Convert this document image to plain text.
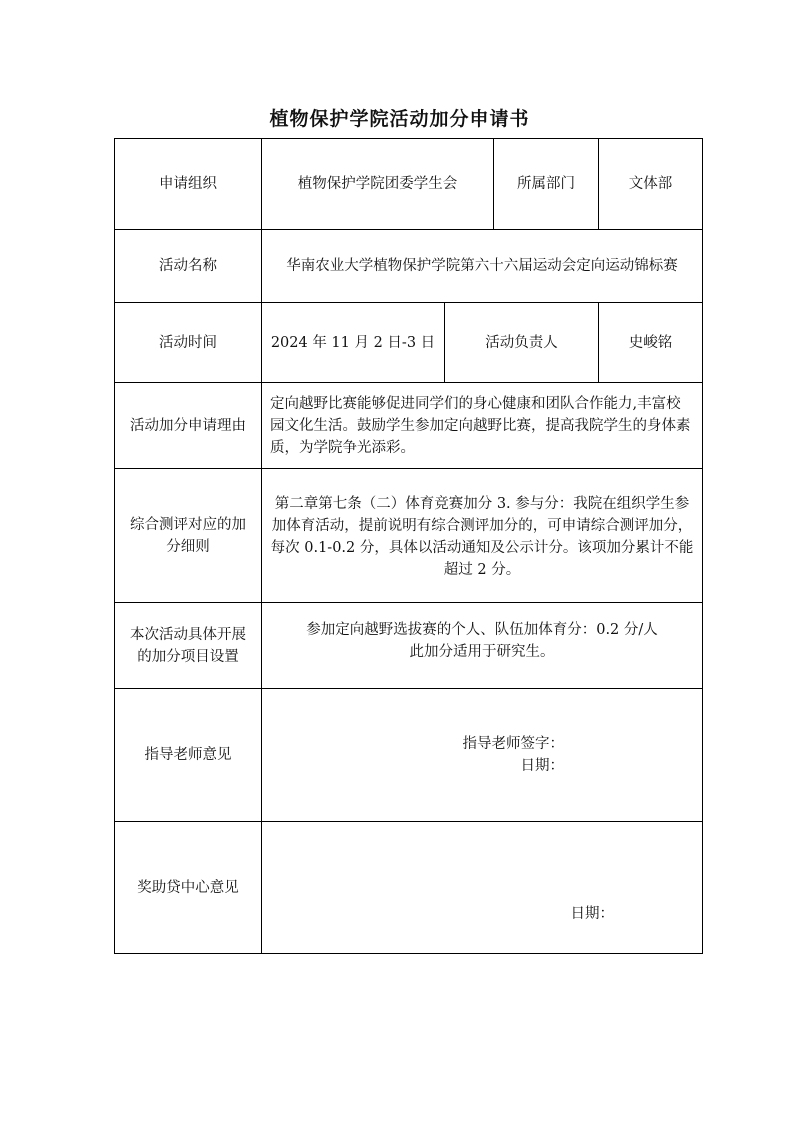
植物保护学院活动加分申请书
申请组织	植物保护学院团委学生会		所属部门	文体部
活动名称	华南农业大学植物保护学院第六十六届运动会定向运动锦标赛			
活动时间	2024 年 11 月 2 日-3 日	活动负责人		史峻铭
活动加分申请理由	定向越野比赛能够促进同学们的身心健康和团队合作能力,丰富校园文化生活。鼓励学生参加定向越野比赛，提高我院学生的身体素质，为学院争光添彩。			
综合测评对应的加分细则	第二章第七条（二）体育竞赛加分 3. 参与分：我院在组织学生参加体育活动，提前说明有综合测评加分的，可申请综合测评加分，每次 0.1-0.2 分，具体以活动通知及公示计分。该项加分累计不能超过 2 分。			
本次活动具体开展的加分项目设置	参加定向越野选拔赛的个人、队伍加体育分：0.2 分/人
此加分适用于研究生。			

指导老师意见	指导老师签字：
日期：			

奖助贷中心意见	日期：			
